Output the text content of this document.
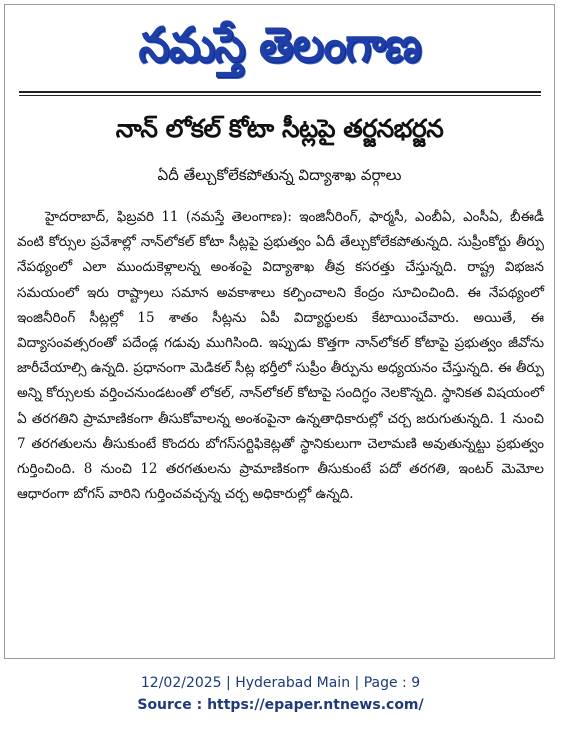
నమస్తే తెలంగాణ
నాన్ లోకల్ కోటా సీట్లపై తర్జనభర్జన
ఏదీ తేల్చుకోలేకపోతున్న విద్యాశాఖ వర్గాలు
హైదరాబాద్, ఫిబ్రవరి 11 (నమస్తే తెలంగాణ): ఇంజినీరింగ్, ఫార్మసీ, ఎంబీఏ, ఎంసీఏ, బీఈడీ వంటి కోర్సుల ప్రవేశాల్లో నాన్‌లోకల్ కోటా సీట్లపై ప్రభుత్వం ఏదీ తేల్చుకోలేకపోతున్నది. సుప్రీంకోర్టు తీర్పు నేపథ్యంలో ఎలా ముందుకెళ్లాలన్న అంశంపై విద్యాశాఖ తీవ్ర కసరత్తు చేస్తున్నది. రాష్ట్ర విభజన సమయంలో ఇరు రాష్ట్రాలు సమాన అవకాశాలు కల్పించాలని కేంద్రం సూచించింది. ఈ నేపథ్యంలో ఇంజినీరింగ్ సీట్లల్లో 15 శాతం సీట్లను ఏపీ విద్యార్థులకు కేటాయించేవారు. అయితే, ఈ విద్యాసంవత్సరంతో పదేండ్ల గడువు ముగిసింది. ఇప్పుడు కొత్తగా నాన్‌లోకల్ కోటాపై ప్రభుత్వం జీవోను జారీచేయాల్సి ఉన్నది. ప్రధానంగా మెడికల్ సీట్ల భర్తీలో సుప్రీం తీర్పును అధ్యయనం చేస్తున్నది. ఈ తీర్పు అన్ని కోర్సులకు వర్తించనుండటంతో లోకల్, నాన్‌లోకల్ కోటాపై సందిగ్ధం నెలకొన్నది. స్థానికత విషయంలో ఏ తరగతిని ప్రామాణికంగా తీసుకోవాలన్న అంశంపైనా ఉన్నతాధికారుల్లో చర్చ జరుగుతున్నది. 1 నుంచి 7 తరగతులను తీసుకుంటే కొందరు బోగస్‌సర్టిఫికెట్లతో స్థానికులుగా చెలామణి అవుతున్నట్టు ప్రభుత్వం గుర్తించింది. 8 నుంచి 12 తరగతులను ప్రామాణికంగా తీసుకుంటే పదో తరగతి, ఇంటర్ మెమోల ఆధారంగా బోగస్ వారిని గుర్తించవచ్చన్న చర్చ అధికారుల్లో ఉన్నది.
12/02/2025 | Hyderabad Main | Page : 9
Source : https://epaper.ntnews.com/
